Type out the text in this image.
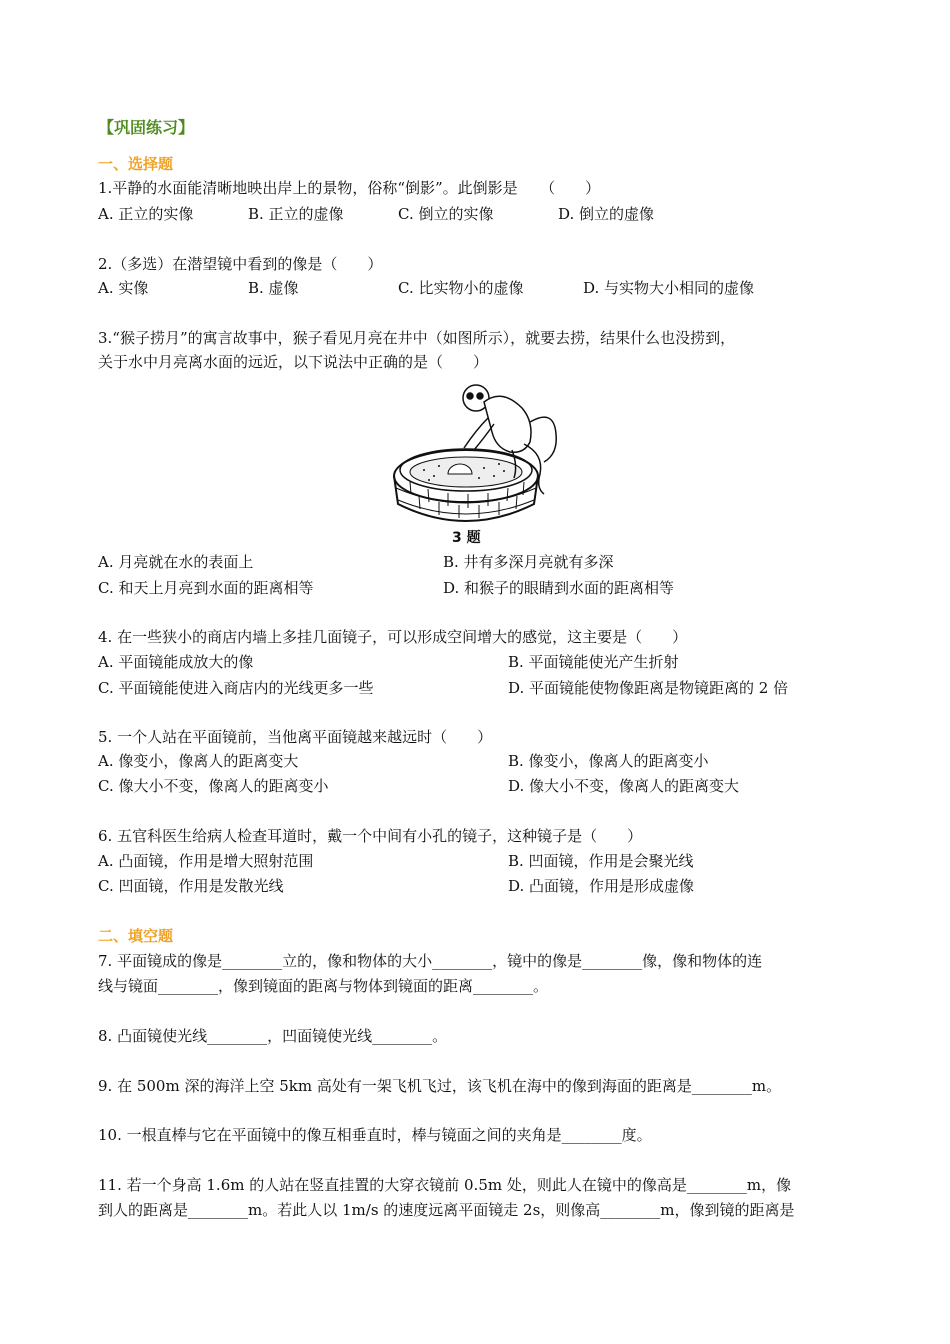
【巩固练习】
一、选择题
1.平静的水面能清晰地映出岸上的景物，俗称“倒影”。此倒影是　　（　　）
A. 正立的实像	B. 正立的虚像	C. 倒立的实像	D. 倒立的虚像
2.（多选）在潜望镜中看到的像是（　　）
A. 实像	B. 虚像	C. 比实物小的虚像	D. 与实物大小相同的虚像
3.“猴子捞月”的寓言故事中，猴子看见月亮在井中（如图所示），就要去捞，结果什么也没捞到，
关于水中月亮离水面的远近，以下说法中正确的是（　　）
3 题
A. 月亮就在水的表面上	B. 井有多深月亮就有多深
C. 和天上月亮到水面的距离相等	D. 和猴子的眼睛到水面的距离相等
4. 在一些狭小的商店内墙上多挂几面镜子，可以形成空间增大的感觉，这主要是（　　）
A. 平面镜能成放大的像	B. 平面镜能使光产生折射
C. 平面镜能使进入商店内的光线更多一些	D. 平面镜能使物像距离是物镜距离的 2 倍
5. 一个人站在平面镜前，当他离平面镜越来越远时（　　）
A. 像变小，像离人的距离变大	B. 像变小，像离人的距离变小
C. 像大小不变，像离人的距离变小	D. 像大小不变，像离人的距离变大
6. 五官科医生给病人检查耳道时，戴一个中间有小孔的镜子，这种镜子是（　　）
A. 凸面镜，作用是增大照射范围	B. 凹面镜，作用是会聚光线
C. 凹面镜，作用是发散光线	D. 凸面镜，作用是形成虚像
二、填空题
7. 平面镜成的像是________立的，像和物体的大小________，镜中的像是________像，像和物体的连
线与镜面________，像到镜面的距离与物体到镜面的距离________。
8. 凸面镜使光线________，凹面镜使光线________。
9. 在 500m 深的海洋上空 5km 高处有一架飞机飞过，该飞机在海中的像到海面的距离是________m。
10. 一根直棒与它在平面镜中的像互相垂直时，棒与镜面之间的夹角是________度。
11. 若一个身高 1.6m 的人站在竖直挂置的大穿衣镜前 0.5m 处，则此人在镜中的像高是________m，像
到人的距离是________m。若此人以 1m/s 的速度远离平面镜走 2s，则像高________m，像到镜的距离是
